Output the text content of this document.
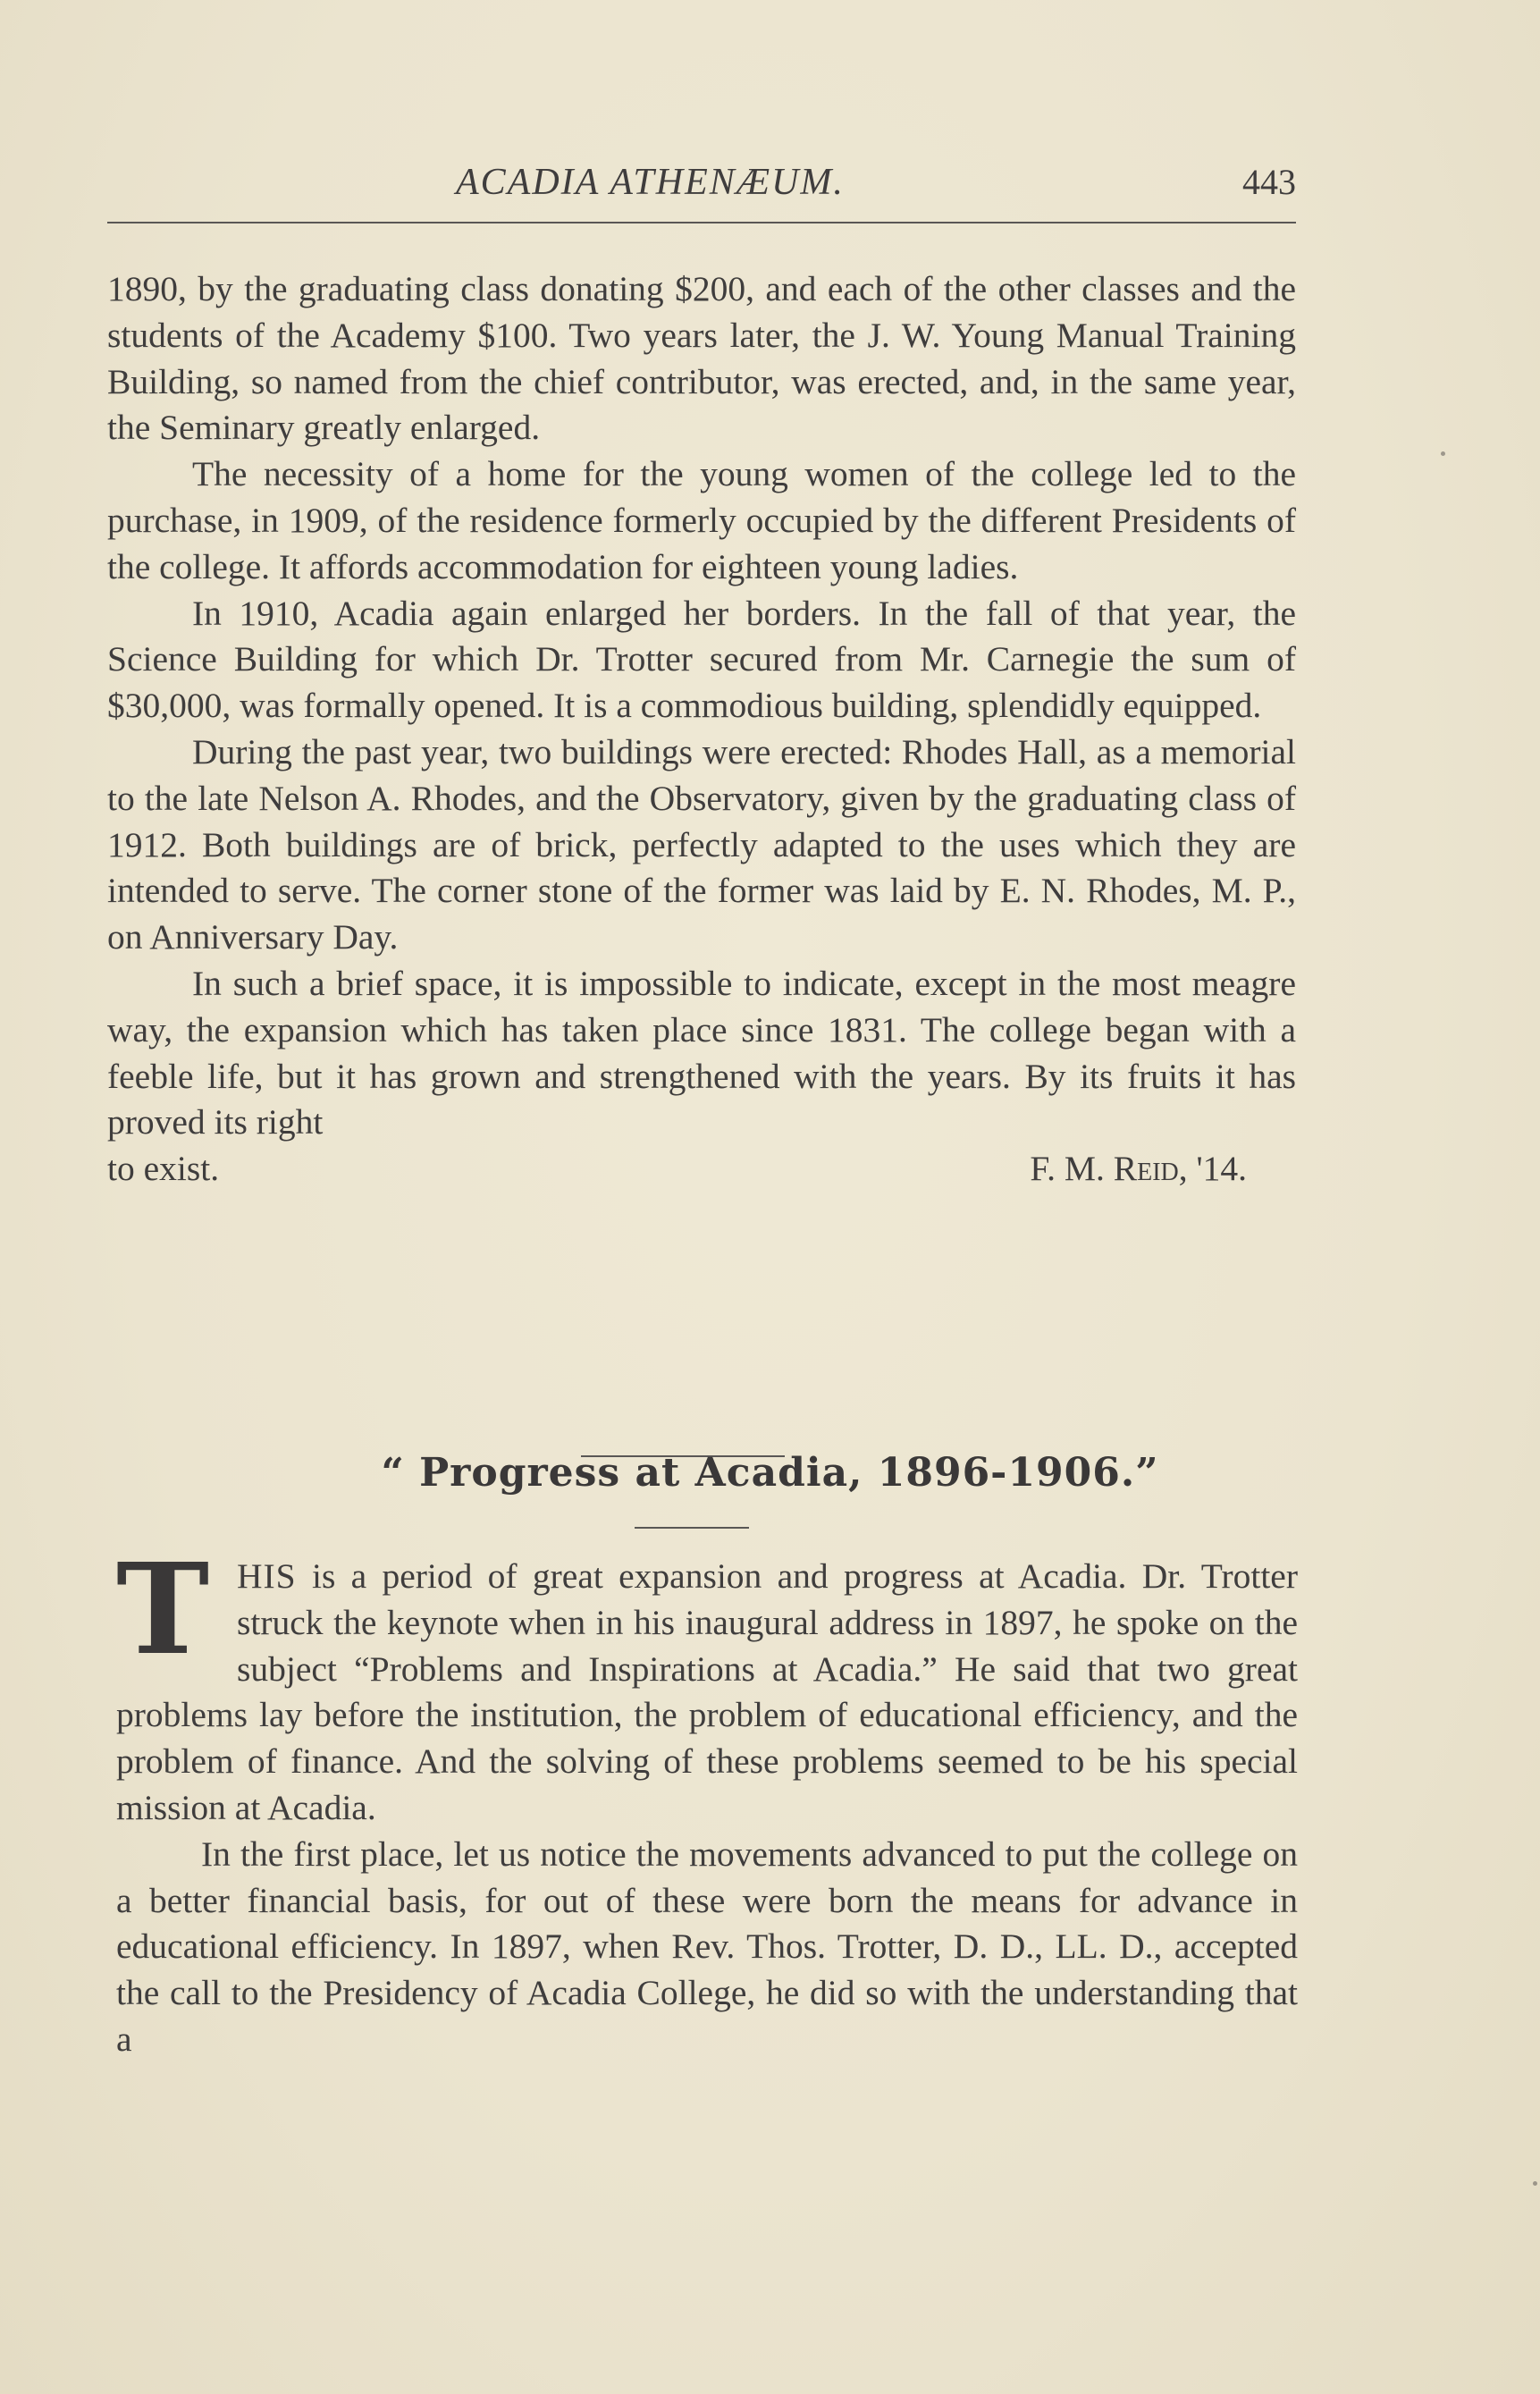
ACADIA ATHENÆUM.	443

1890, by the graduating class donating $200, and each of the other classes and the students of the Academy $100. Two years later, the J. W. Young Manual Training Building, so named from the chief contributor, was erected, and, in the same year, the Seminary greatly enlarged.

The necessity of a home for the young women of the college led to the purchase, in 1909, of the residence formerly occupied by the different Presidents of the college. It affords accommodation for eighteen young ladies.

In 1910, Acadia again enlarged her borders. In the fall of that year, the Science Building for which Dr. Trotter secured from Mr. Carnegie the sum of $30,000, was formally opened. It is a commodious building, splendidly equipped.

During the past year, two buildings were erected: Rhodes Hall, as a memorial to the late Nelson A. Rhodes, and the Observatory, given by the graduating class of 1912. Both buildings are of brick, perfectly adapted to the uses which they are intended to serve. The corner stone of the former was laid by E. N. Rhodes, M. P., on Anniversary Day.

In such a brief space, it is impossible to indicate, except in the most meagre way, the expansion which has taken place since 1831. The college began with a feeble life, but it has grown and strengthened with the years. By its fruits it has proved its right

to exist.	F. M. Reid, '14.

“ Progress at Acadia, 1896-1906.”

THIS is a period of great expansion and progress at Acadia. Dr. Trotter struck the keynote when in his inaugural address in 1897, he spoke on the subject “Problems and Inspirations at Acadia.” He said that two great problems lay before the institution, the problem of educational efficiency, and the problem of finance. And the solving of these problems seemed to be his special mission at Acadia.

In the first place, let us notice the movements advanced to put the college on a better financial basis, for out of these were born the means for advance in educational efficiency. In 1897, when Rev. Thos. Trotter, D. D., LL. D., accepted the call to the Presidency of Acadia College, he did so with the understanding that a
